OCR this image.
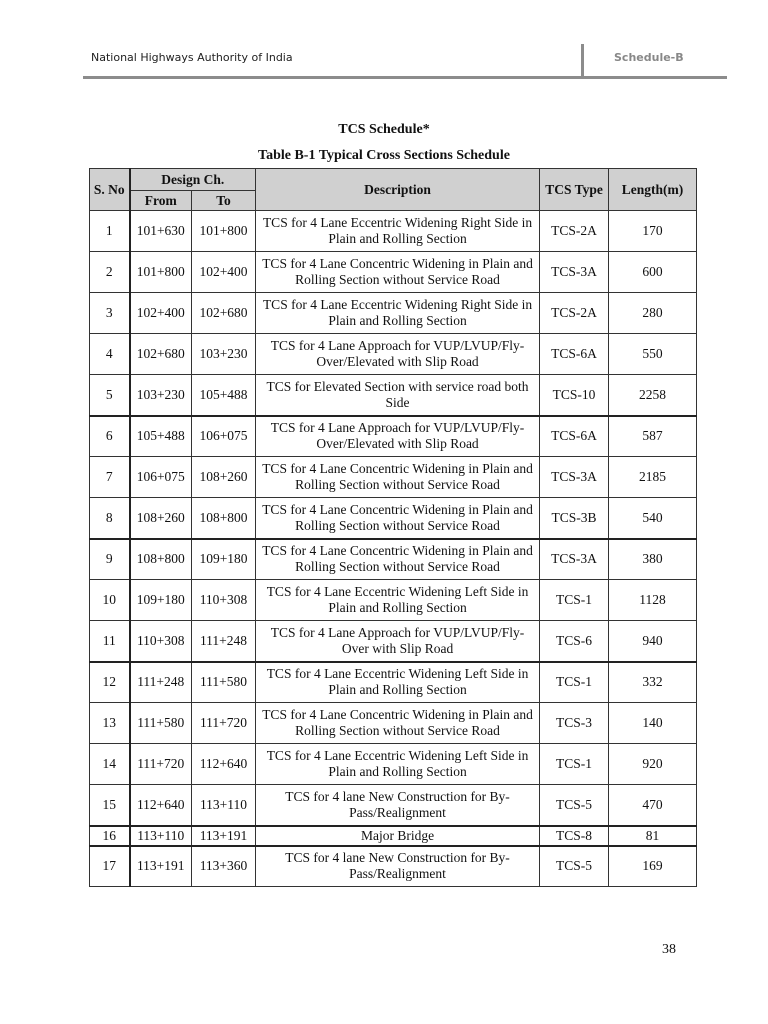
National Highways Authority of India	Schedule-B
TCS Schedule*
Table B-1 Typical Cross Sections Schedule
S. No	Design Ch.		Description	TCS Type	Length(m)
	From	To			
1	101+630	101+800	TCS for 4 Lane Eccentric Widening Right Side in Plain and Rolling Section	TCS-2A	170
2	101+800	102+400	TCS for 4 Lane Concentric Widening in Plain and Rolling Section without Service Road	TCS-3A	600
3	102+400	102+680	TCS for 4 Lane Eccentric Widening Right Side in Plain and Rolling Section	TCS-2A	280
4	102+680	103+230	TCS for 4 Lane Approach for VUP/LVUP/Fly-Over/Elevated with Slip Road	TCS-6A	550
5	103+230	105+488	TCS for Elevated Section with service road both Side	TCS-10	2258
6	105+488	106+075	TCS for 4 Lane Approach for VUP/LVUP/Fly-Over/Elevated with Slip Road	TCS-6A	587
7	106+075	108+260	TCS for 4 Lane Concentric Widening in Plain and Rolling Section without Service Road	TCS-3A	2185
8	108+260	108+800	TCS for 4 Lane Concentric Widening in Plain and Rolling Section without Service Road	TCS-3B	540
9	108+800	109+180	TCS for 4 Lane Concentric Widening in Plain and Rolling Section without Service Road	TCS-3A	380
10	109+180	110+308	TCS for 4 Lane Eccentric Widening Left Side in Plain and Rolling Section	TCS-1	1128
11	110+308	111+248	TCS for 4 Lane Approach for VUP/LVUP/Fly-Over with Slip Road	TCS-6	940
12	111+248	111+580	TCS for 4 Lane Eccentric Widening Left Side in Plain and Rolling Section	TCS-1	332
13	111+580	111+720	TCS for 4 Lane Concentric Widening in Plain and Rolling Section without Service Road	TCS-3	140
14	111+720	112+640	TCS for 4 Lane Eccentric Widening Left Side in Plain and Rolling Section	TCS-1	920
15	112+640	113+110	TCS for 4 lane New Construction for By-Pass/Realignment	TCS-5	470
16	113+110	113+191	Major Bridge	TCS-8	81
17	113+191	113+360	TCS for 4 lane New Construction for By-Pass/Realignment	TCS-5	169
38
